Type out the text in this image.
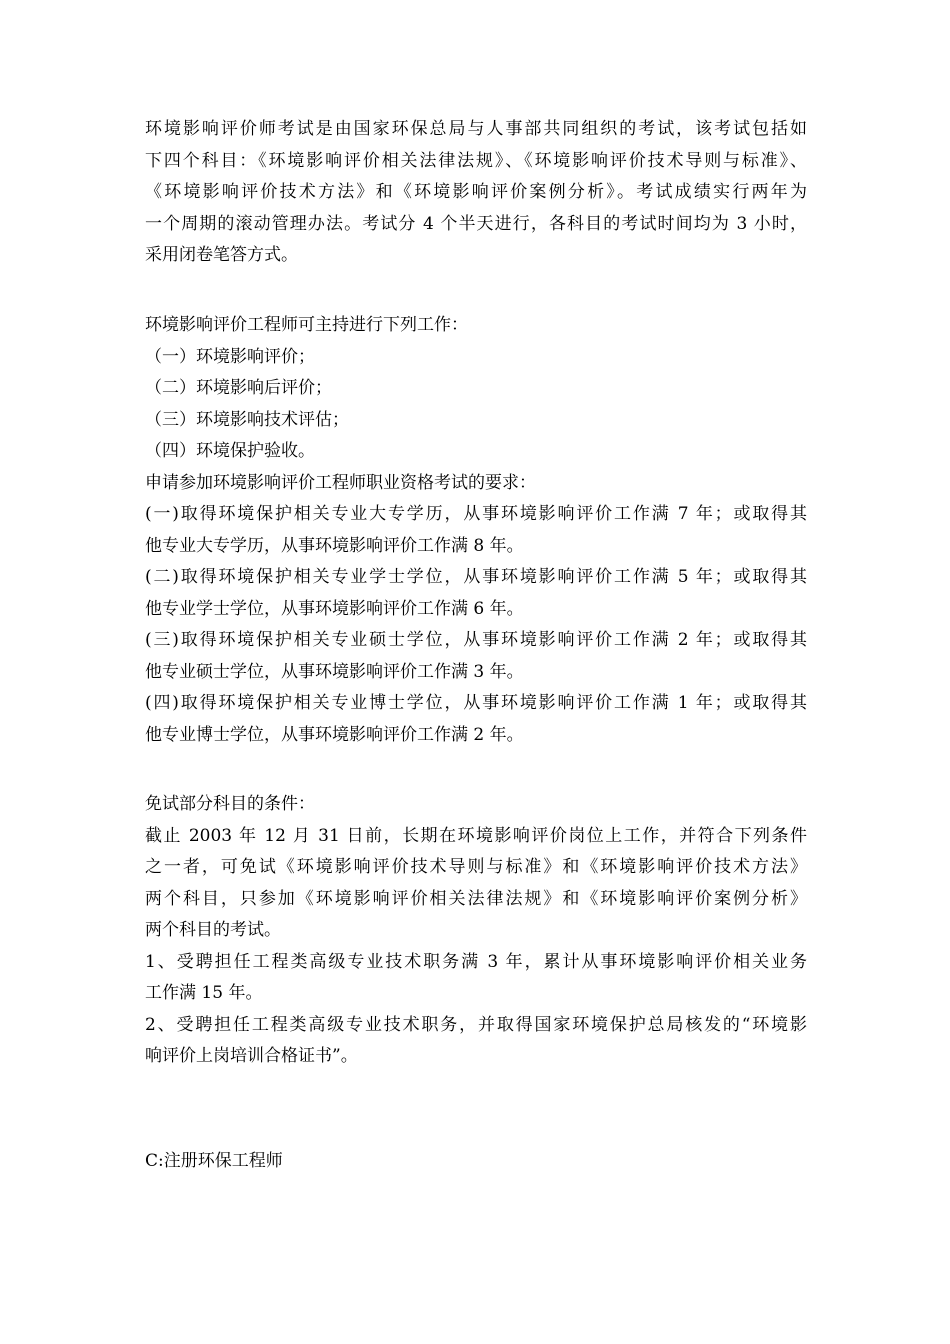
环境影响评价师考试是由国家环保总局与人事部共同组织的考试，该考试包括如
下四个科目：《环境影响评价相关法律法规》、《环境影响评价技术导则与标准》、
《环境影响评价技术方法》和《环境影响评价案例分析》。考试成绩实行两年为
一个周期的滚动管理办法。考试分 4 个半天进行，各科目的考试时间均为 3 小时，
采用闭卷笔答方式。
环境影响评价工程师可主持进行下列工作：
（一）环境影响评价；
（二）环境影响后评价；
（三）环境影响技术评估；
（四）环境保护验收。
申请参加环境影响评价工程师职业资格考试的要求：
(一)取得环境保护相关专业大专学历，从事环境影响评价工作满 7 年；或取得其
他专业大专学历，从事环境影响评价工作满 8 年。
(二)取得环境保护相关专业学士学位，从事环境影响评价工作满 5 年；或取得其
他专业学士学位，从事环境影响评价工作满 6 年。
(三)取得环境保护相关专业硕士学位，从事环境影响评价工作满 2 年；或取得其
他专业硕士学位，从事环境影响评价工作满 3 年。
(四)取得环境保护相关专业博士学位，从事环境影响评价工作满 1 年；或取得其
他专业博士学位，从事环境影响评价工作满 2 年。
免试部分科目的条件：
截止 2003 年 12 月 31 日前，长期在环境影响评价岗位上工作，并符合下列条件
之一者，可免试《环境影响评价技术导则与标准》和《环境影响评价技术方法》
两个科目，只参加《环境影响评价相关法律法规》和《环境影响评价案例分析》
两个科目的考试。
1、受聘担任工程类高级专业技术职务满 3 年，累计从事环境影响评价相关业务
工作满 15 年。
2、受聘担任工程类高级专业技术职务，并取得国家环境保护总局核发的“环境影
响评价上岗培训合格证书”。
C:注册环保工程师
